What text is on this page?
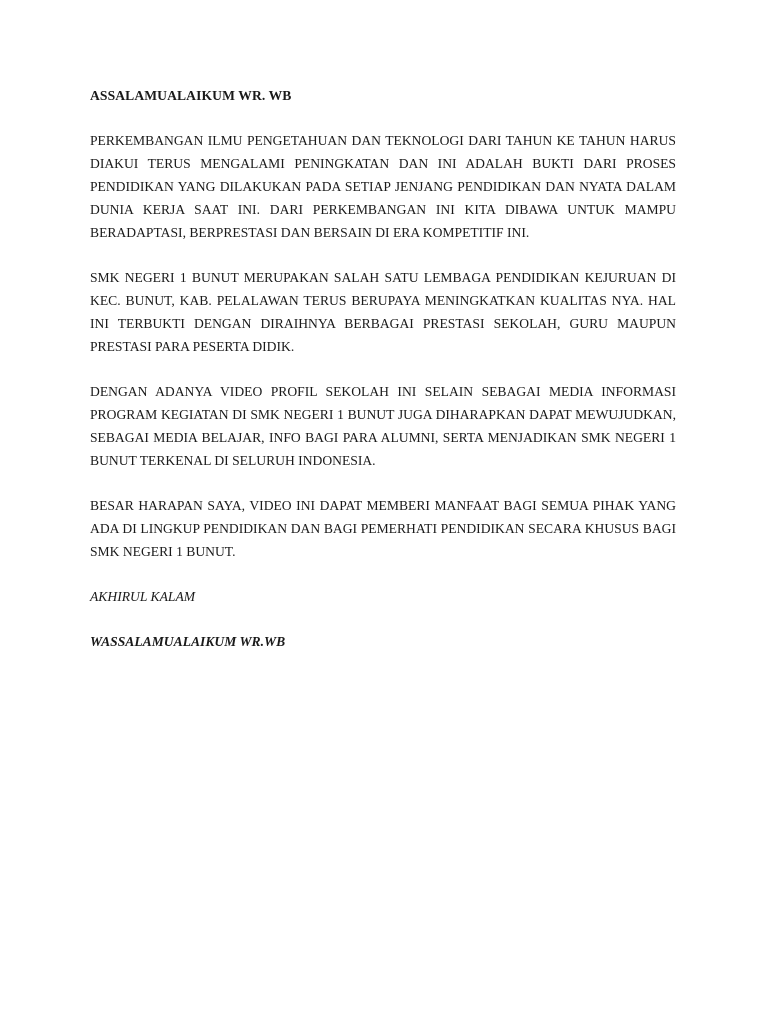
ASSALAMUALAIKUM WR. WB

PERKEMBANGAN ILMU PENGETAHUAN DAN TEKNOLOGI DARI TAHUN KE TAHUN HARUS DIAKUI TERUS MENGALAMI PENINGKATAN DAN INI ADALAH BUKTI DARI PROSES PENDIDIKAN YANG DILAKUKAN PADA SETIAP JENJANG PENDIDIKAN DAN NYATA DALAM DUNIA KERJA SAAT INI. DARI PERKEMBANGAN INI KITA DIBAWA UNTUK MAMPU BERADAPTASI, BERPRESTASI DAN BERSAIN DI ERA KOMPETITIF INI.

SMK NEGERI 1 BUNUT MERUPAKAN SALAH SATU LEMBAGA PENDIDIKAN KEJURUAN DI KEC. BUNUT, KAB. PELALAWAN TERUS BERUPAYA MENINGKATKAN KUALITAS NYA. HAL INI TERBUKTI DENGAN DIRAIHNYA BERBAGAI PRESTASI SEKOLAH, GURU MAUPUN PRESTASI PARA PESERTA DIDIK.

DENGAN ADANYA VIDEO PROFIL SEKOLAH INI SELAIN SEBAGAI MEDIA INFORMASI PROGRAM KEGIATAN DI SMK NEGERI 1 BUNUT JUGA DIHARAPKAN DAPAT MEWUJUDKAN, SEBAGAI MEDIA BELAJAR, INFO BAGI PARA ALUMNI, SERTA MENJADIKAN SMK NEGERI 1 BUNUT TERKENAL DI SELURUH INDONESIA.

BESAR HARAPAN SAYA, VIDEO INI DAPAT MEMBERI MANFAAT BAGI SEMUA PIHAK YANG ADA DI LINGKUP PENDIDIKAN DAN BAGI PEMERHATI PENDIDIKAN SECARA KHUSUS BAGI SMK NEGERI 1 BUNUT.

AKHIRUL KALAM

WASSALAMUALAIKUM WR.WB
